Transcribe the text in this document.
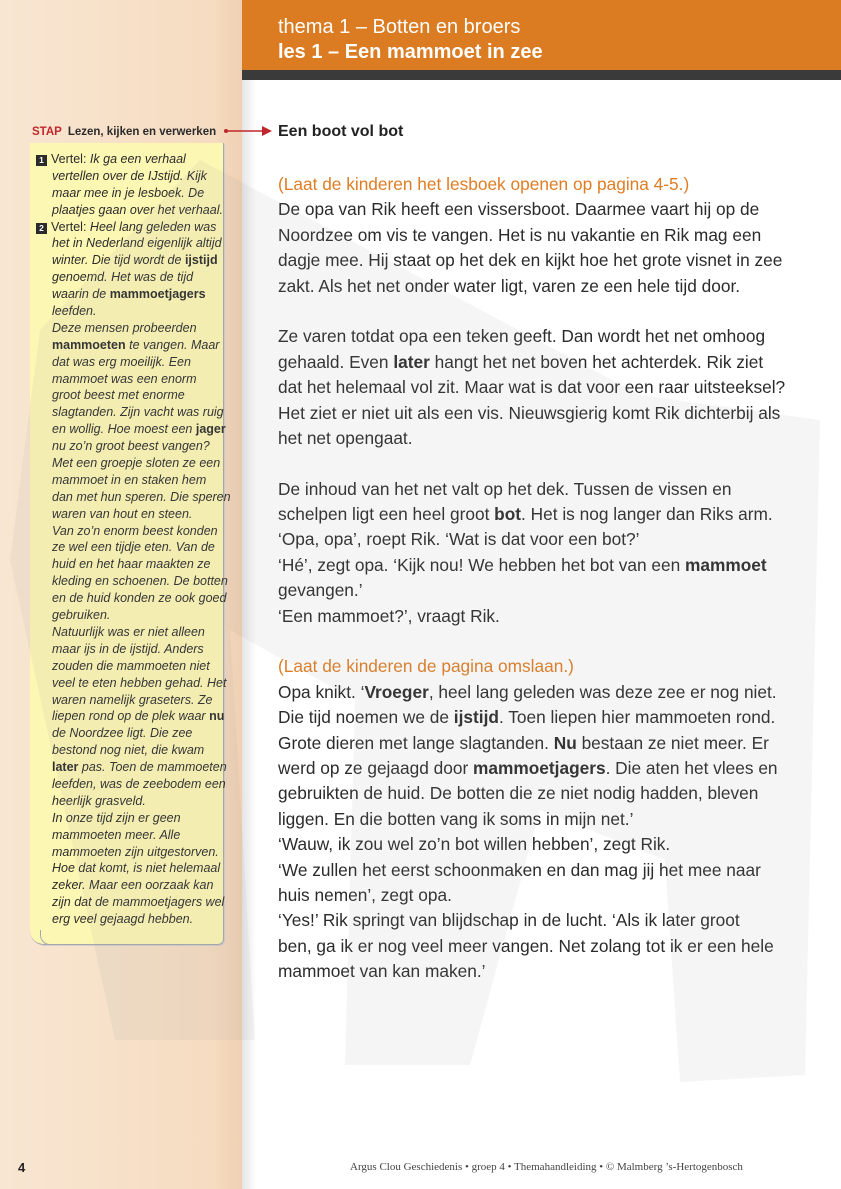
thema 1 – Botten en broers
les 1 – Een mammoet in zee
STAP Lezen, kijken en verwerken
1 Vertel: Ik ga een verhaal
vertellen over de IJstijd. Kijk
maar mee in je lesboek. De
plaatjes gaan over het verhaal.
2 Vertel: Heel lang geleden was
het in Nederland eigenlijk altijd
winter. Die tijd wordt de ijstijd
genoemd. Het was de tijd
waarin de mammoetjagers
leefden.
Deze mensen probeerden
mammoeten te vangen. Maar
dat was erg moeilijk. Een
mammoet was een enorm
groot beest met enorme
slagtanden. Zijn vacht was ruig
en wollig. Hoe moest een jager
nu zo’n groot beest vangen?
Met een groepje sloten ze een
mammoet in en staken hem
dan met hun speren. Die speren
waren van hout en steen.
Van zo’n enorm beest konden
ze wel een tijdje eten. Van de
huid en het haar maakten ze
kleding en schoenen. De botten
en de huid konden ze ook goed
gebruiken.
Natuurlijk was er niet alleen
maar ijs in de ijstijd. Anders
zouden die mammoeten niet
veel te eten hebben gehad. Het
waren namelijk graseters. Ze
liepen rond op de plek waar nu
de Noordzee ligt. Die zee
bestond nog niet, die kwam
later pas. Toen de mammoeten
leefden, was de zeebodem een
heerlijk grasveld.
In onze tijd zijn er geen
mammoeten meer. Alle
mammoeten zijn uitgestorven.
Hoe dat komt, is niet helemaal
zeker. Maar een oorzaak kan
zijn dat de mammoetjagers wel
erg veel gejaagd hebben.
Een boot vol bot
(Laat de kinderen het lesboek openen op pagina 4-5.)
De opa van Rik heeft een vissersboot. Daarmee vaart hij op de
Noordzee om vis te vangen. Het is nu vakantie en Rik mag een
dagje mee. Hij staat op het dek en kijkt hoe het grote visnet in zee
zakt. Als het net onder water ligt, varen ze een hele tijd door.
Ze varen totdat opa een teken geeft. Dan wordt het net omhoog
gehaald. Even later hangt het net boven het achterdek. Rik ziet
dat het helemaal vol zit. Maar wat is dat voor een raar uitsteeksel?
Het ziet er niet uit als een vis. Nieuwsgierig komt Rik dichterbij als
het net opengaat.
De inhoud van het net valt op het dek. Tussen de vissen en
schelpen ligt een heel groot bot. Het is nog langer dan Riks arm.
‘Opa, opa’, roept Rik. ‘Wat is dat voor een bot?’
‘Hé’, zegt opa. ‘Kijk nou! We hebben het bot van een mammoet
gevangen.’
‘Een mammoet?’, vraagt Rik.
(Laat de kinderen de pagina omslaan.)
Opa knikt. ‘Vroeger, heel lang geleden was deze zee er nog niet.
Die tijd noemen we de ijstijd. Toen liepen hier mammoeten rond.
Grote dieren met lange slagtanden. Nu bestaan ze niet meer. Er
werd op ze gejaagd door mammoetjagers. Die aten het vlees en
gebruikten de huid. De botten die ze niet nodig hadden, bleven
liggen. En die botten vang ik soms in mijn net.’
‘Wauw, ik zou wel zo’n bot willen hebben’, zegt Rik.
‘We zullen het eerst schoonmaken en dan mag jij het mee naar
huis nemen’, zegt opa.
‘Yes!’ Rik springt van blijdschap in de lucht. ‘Als ik later groot
ben, ga ik er nog veel meer vangen. Net zolang tot ik er een hele
mammoet van kan maken.’
4	Argus Clou Geschiedenis • groep 4 • Themahandleiding • © Malmberg ’s-Hertogenbosch
